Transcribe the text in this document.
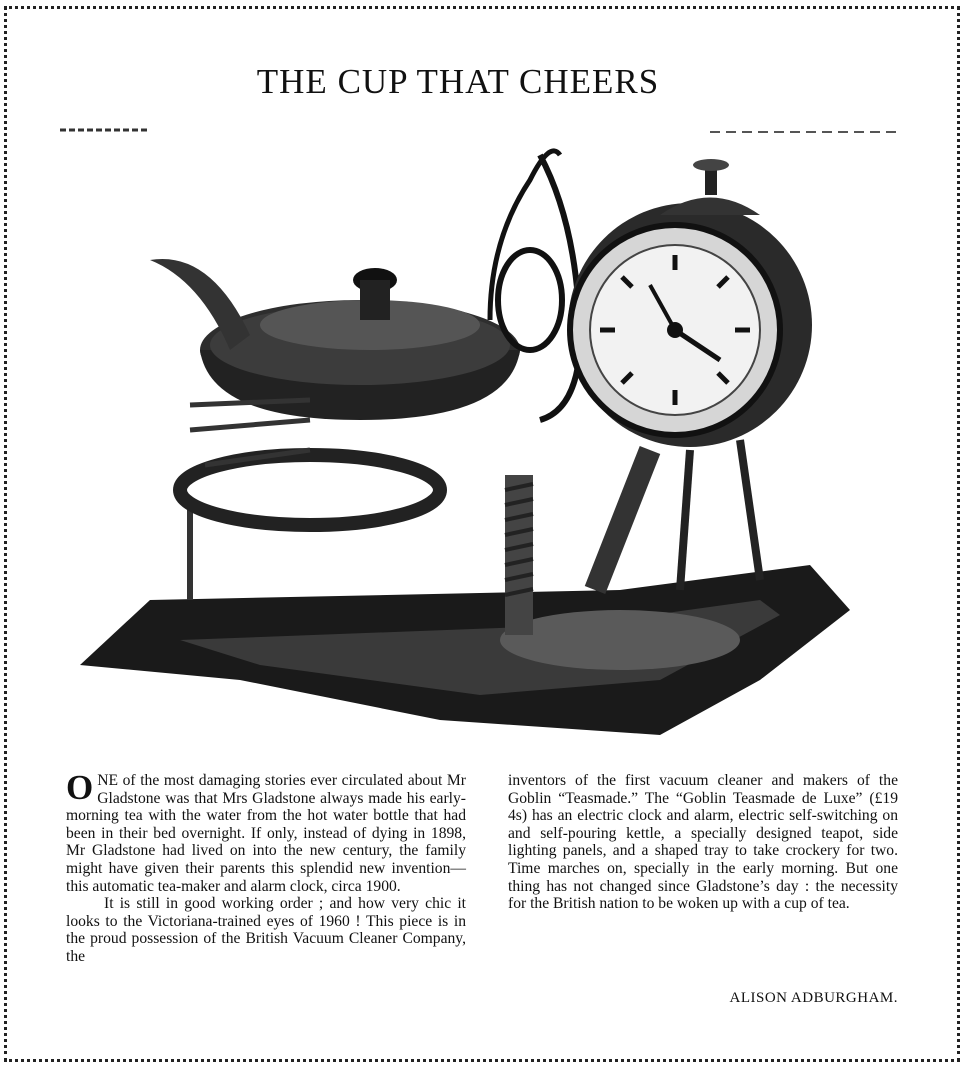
THE CUP THAT CHEERS

O NE of the most damaging stories ever circulated about Mr Gladstone was that Mrs Gladstone always made his early-morning tea with the water from the hot water bottle that had been in their bed overnight. If only, instead of dying in 1898, Mr Gladstone had lived on into the new century, the family might have given their parents this splendid new invention—this automatic tea-maker and alarm clock, circa 1900.

It is still in good working order ; and how very chic it looks to the Victoriana-trained eyes of 1960 ! This piece is in the proud possession of the British Vacuum Cleaner Company, the

inventors of the first vacuum cleaner and makers of the Goblin “Teasmade.” The “Goblin Teasmade de Luxe” (£19 4s) has an electric clock and alarm, electric self-switching on and self-pouring kettle, a specially designed teapot, side lighting panels, and a shaped tray to take crockery for two. Time marches on, specially in the early morning. But one thing has not changed since Gladstone’s day : the necessity for the British nation to be woken up with a cup of tea.

ALISON ADBURGHAM.
